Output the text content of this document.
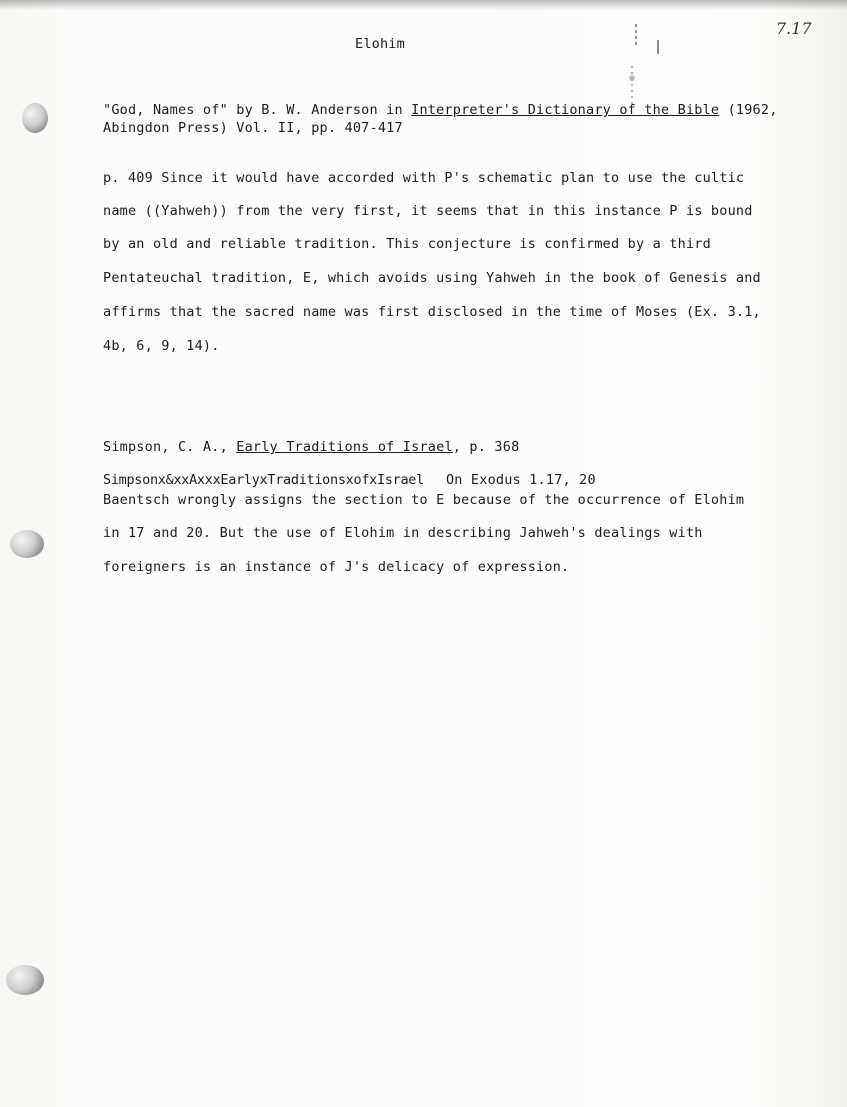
7.17
Elohim
"God, Names of" by B. W. Anderson in Interpreter's Dictionary of the Bible (1962,
Abingdon Press) Vol. II, pp. 407-417
p. 409 Since it would have accorded with P's schematic plan to use the cultic
name ((Yahweh)) from the very first, it seems that in this instance P is bound
by an old and reliable tradition. This conjecture is confirmed by a third
Pentateuchal tradition, E, which avoids using Yahweh in the book of Genesis and
affirms that the sacred name was first disclosed in the time of Moses (Ex. 3.1,
4b, 6, 9, 14).
Simpson, C. A., Early Traditions of Israel, p. 368
Simpsonx&xxAxxxEarlyxTraditionsxofxIsrael On Exodus 1.17, 20
Baentsch wrongly assigns the section to E because of the occurrence of Elohim
in 17 and 20. But the use of Elohim in describing Jahweh's dealings with
foreigners is an instance of J's delicacy of expression.
